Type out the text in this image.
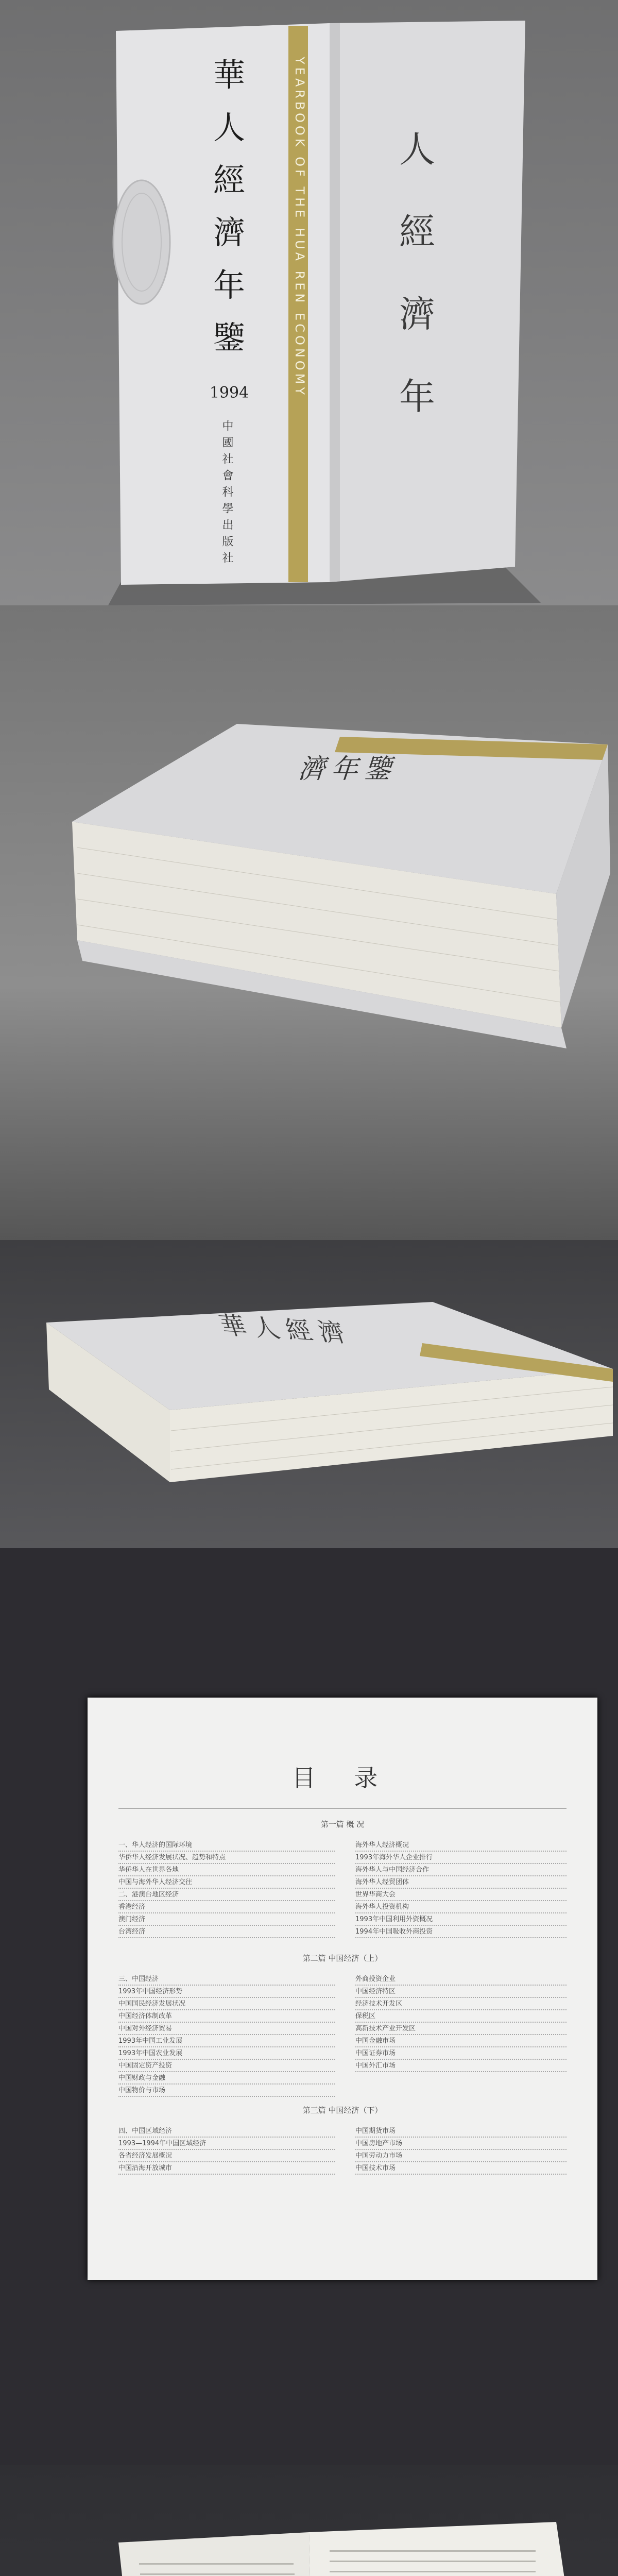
華
人
經
濟
年
鑒
1994
中國社會科學出版社
YEARBOOK OF THE HUA REN ECONOMY	人
經
濟
年
濟年鑒
華人經濟
目 录
第一篇 概 况
一、华人经济的国际环境
华侨华人经济发展状况、趋势和特点
华侨华人在世界各地
中国与海外华人经济交往
二、港澳台地区经济
香港经济
澳门经济
台湾经济
第二篇 中国经济（上）
三、中国经济
1993年中国经济形势
中国国民经济发展状况
中国经济体制改革
中国对外经济贸易
1993年中国工业发展
1993年中国农业发展
中国固定资产投资
中国财政与金融
中国物价与市场
第三篇 中国经济（下）
四、中国区域经济
1993—1994年中国区域经济
各省经济发展概况
中国沿海开放城市
海外华人经济概况
1993年海外华人企业排行
海外华人与中国经济合作
海外华人经贸团体
世界华商大会
海外华人投资机构
1993年中国利用外资概况
1994年中国吸收外商投资
外商投资企业
中国经济特区
经济技术开发区
保税区
高新技术产业开发区
中国金融市场
中国证券市场
中国外汇市场
中国期货市场
中国房地产市场
中国劳动力市场
中国技术市场
